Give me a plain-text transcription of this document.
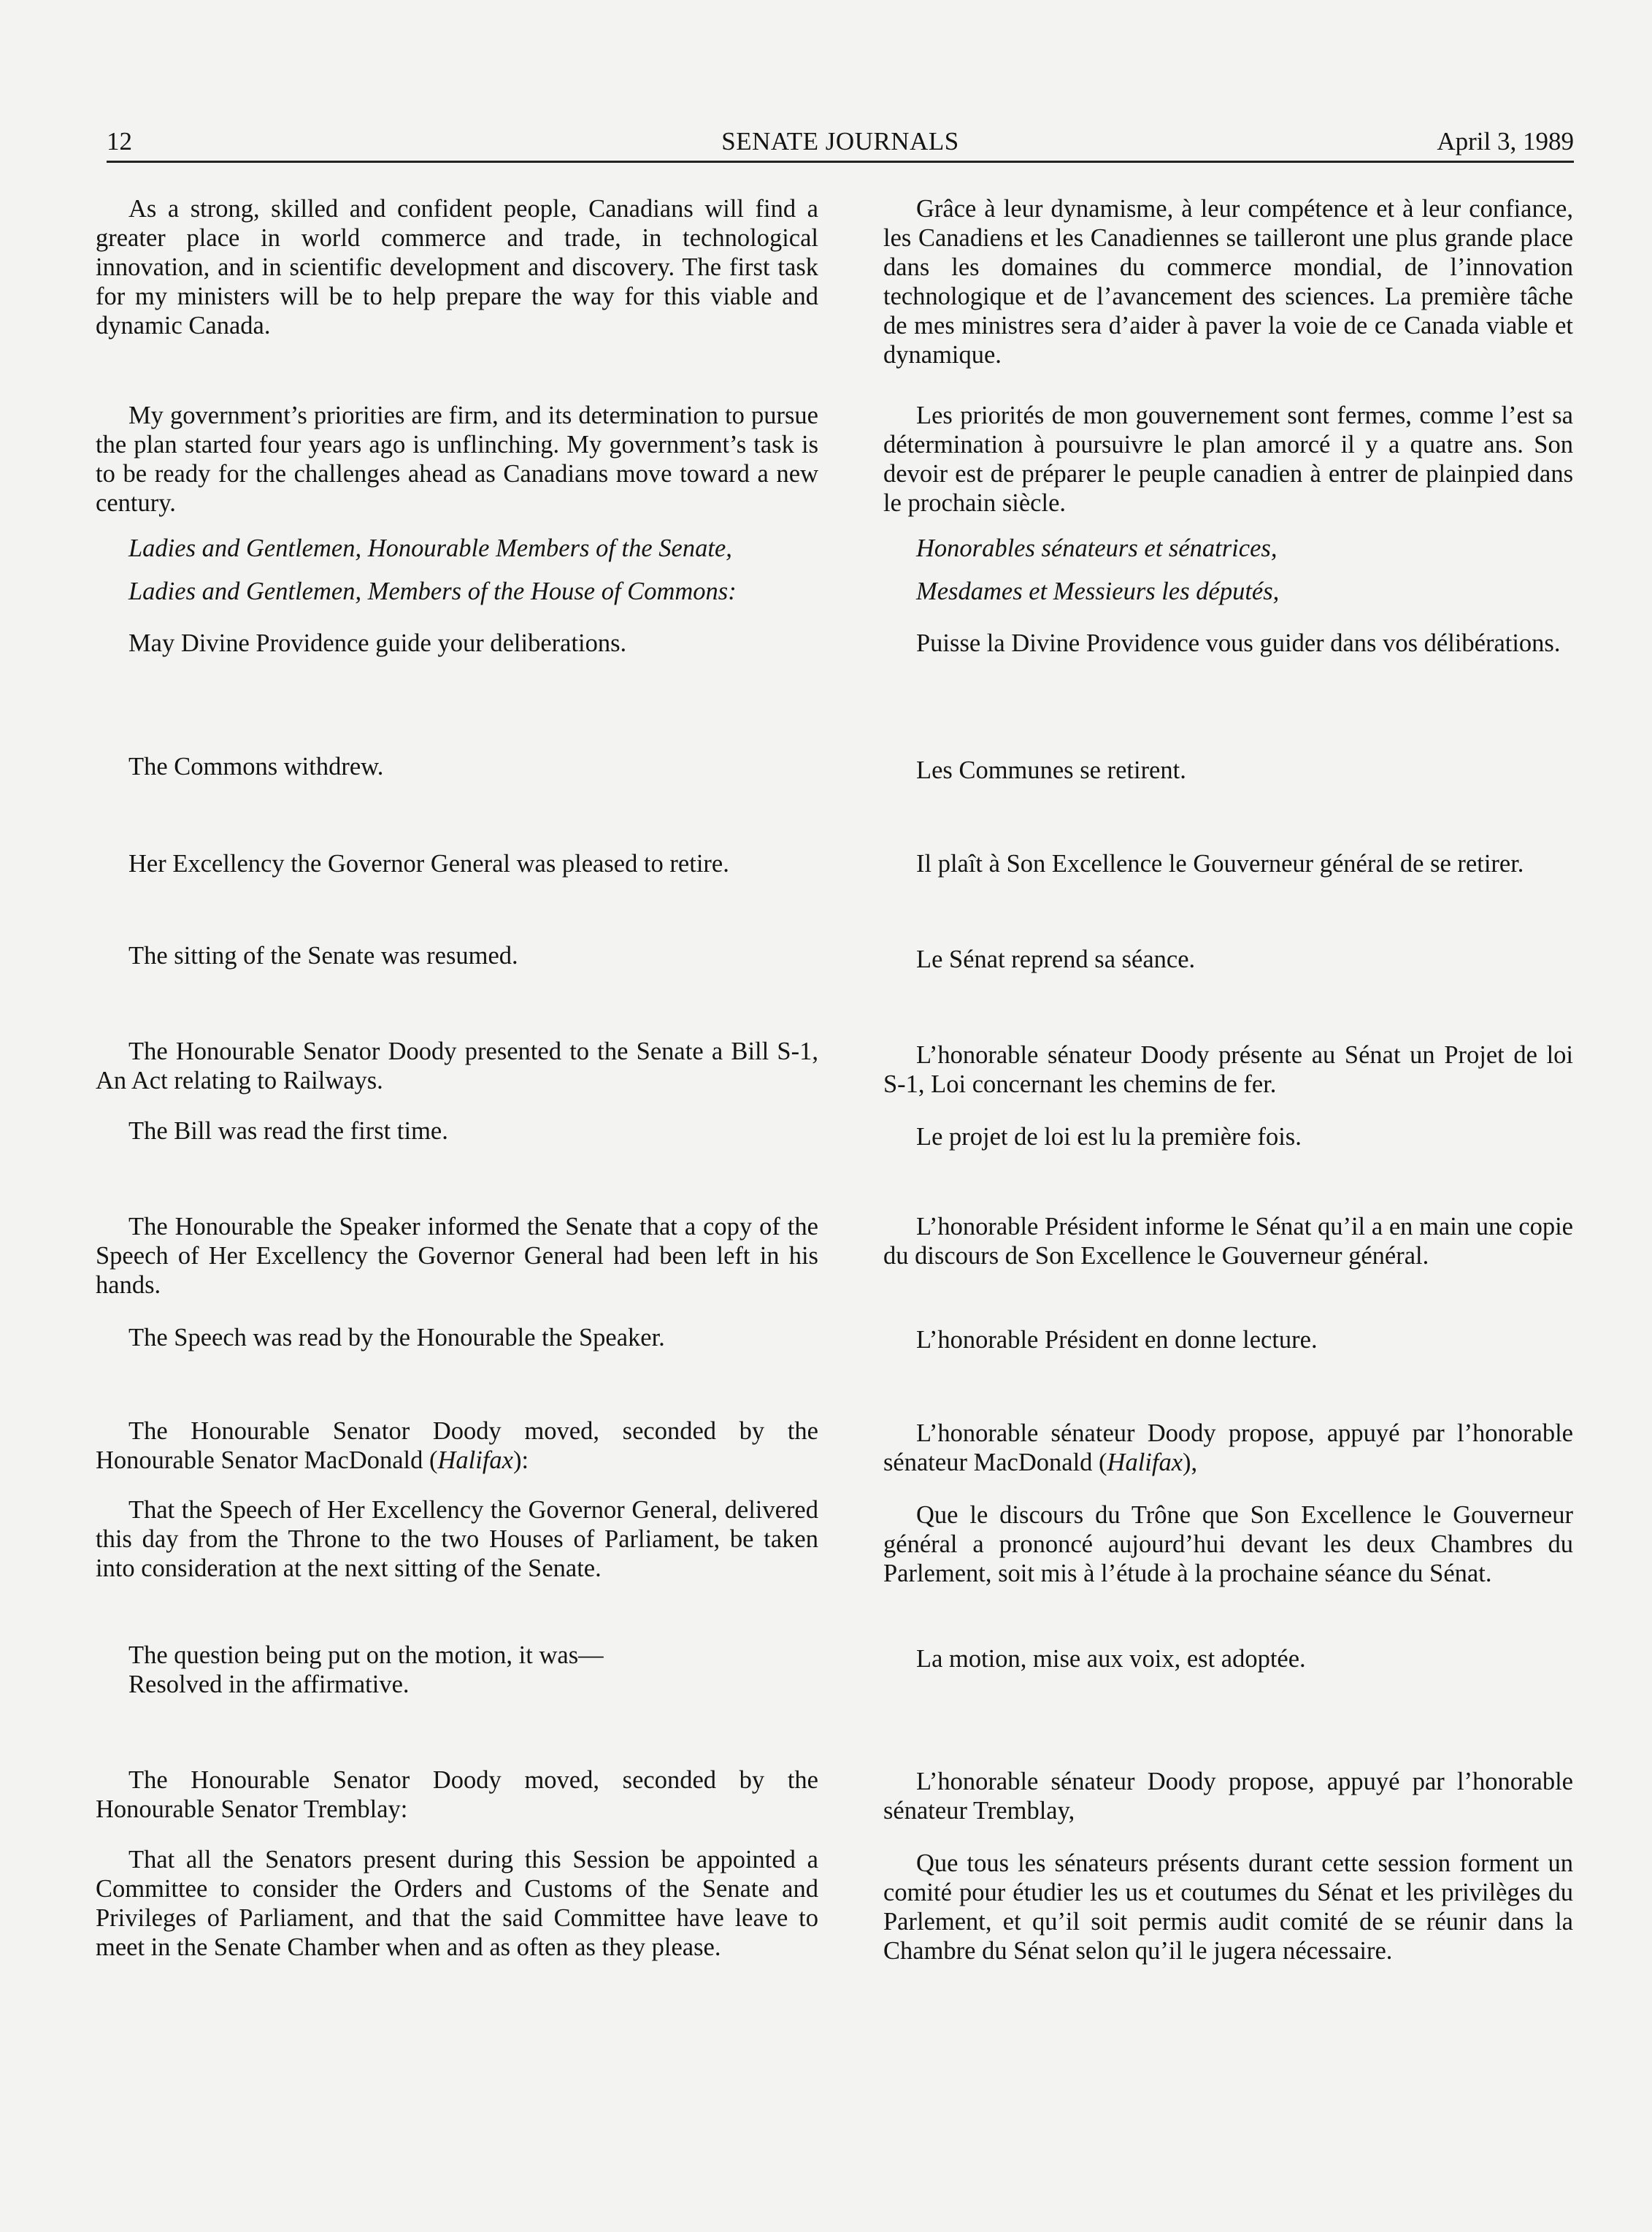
12	SENATE JOURNALS	April 3, 1989

As a strong, skilled and confident people, Canadians will find a greater place in world commerce and trade, in technological innovation, and in scientific development and discovery. The first task for my ministers will be to help prepare the way for this viable and dynamic Canada.

My government’s priorities are firm, and its determination to pursue the plan started four years ago is unflinching. My government’s task is to be ready for the challenges ahead as Canadians move toward a new century.

Ladies and Gentlemen, Honourable Members of the Senate,

Ladies and Gentlemen, Members of the House of Commons:

May Divine Providence guide your deliberations.

The Commons withdrew.

Her Excellency the Governor General was pleased to retire.

The sitting of the Senate was resumed.

The Honourable Senator Doody presented to the Senate a Bill S-1, An Act relating to Railways.

The Bill was read the first time.

The Honourable the Speaker informed the Senate that a copy of the Speech of Her Excellency the Governor General had been left in his hands.

The Speech was read by the Honourable the Speaker.

The Honourable Senator Doody moved, seconded by the Honourable Senator MacDonald (Halifax):

That the Speech of Her Excellency the Governor General, delivered this day from the Throne to the two Houses of Parliament, be taken into consideration at the next sitting of the Senate.

The question being put on the motion, it was—

Resolved in the affirmative.

The Honourable Senator Doody moved, seconded by the Honourable Senator Tremblay:

That all the Senators present during this Session be appointed a Committee to consider the Orders and Customs of the Senate and Privileges of Parliament, and that the said Committee have leave to meet in the Senate Chamber when and as often as they please.

Grâce à leur dynamisme, à leur compétence et à leur confiance, les Canadiens et les Canadiennes se tailleront une plus grande place dans les domaines du commerce mondial, de l’innovation technologique et de l’avancement des sciences. La première tâche de mes ministres sera d’aider à paver la voie de ce Canada viable et dynamique.

Les priorités de mon gouvernement sont fermes, comme l’est sa détermination à poursuivre le plan amorcé il y a quatre ans. Son devoir est de préparer le peuple canadien à entrer de plainpied dans le prochain siècle.

Honorables sénateurs et sénatrices,

Mesdames et Messieurs les députés,

Puisse la Divine Providence vous guider dans vos délibérations.

Les Communes se retirent.

Il plaît à Son Excellence le Gouverneur général de se retirer.

Le Sénat reprend sa séance.

L’honorable sénateur Doody présente au Sénat un Projet de loi S-1, Loi concernant les chemins de fer.

Le projet de loi est lu la première fois.

L’honorable Président informe le Sénat qu’il a en main une copie du discours de Son Excellence le Gouverneur général.

L’honorable Président en donne lecture.

L’honorable sénateur Doody propose, appuyé par l’honorable sénateur MacDonald (Halifax),

Que le discours du Trône que Son Excellence le Gouverneur général a prononcé aujourd’hui devant les deux Chambres du Parlement, soit mis à l’étude à la prochaine séance du Sénat.

La motion, mise aux voix, est adoptée.

L’honorable sénateur Doody propose, appuyé par l’honorable sénateur Tremblay,

Que tous les sénateurs présents durant cette session forment un comité pour étudier les us et coutumes du Sénat et les privilèges du Parlement, et qu’il soit permis audit comité de se réunir dans la Chambre du Sénat selon qu’il le jugera nécessaire.
